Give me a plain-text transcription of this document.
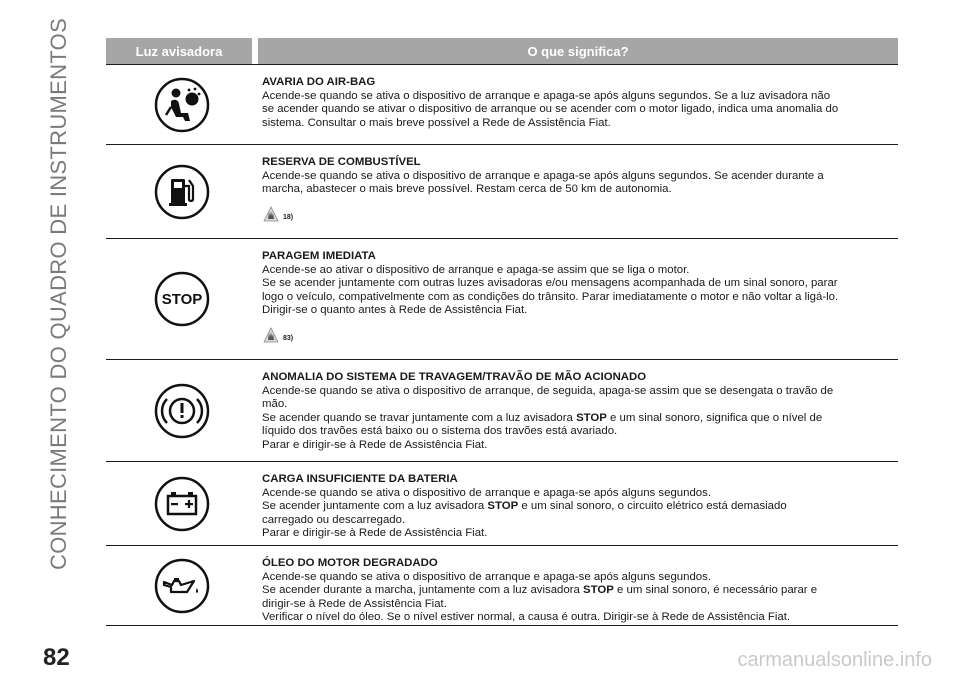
CONHECIMENTO DO QUADRO DE INSTRUMENTOS
82	carmanualsonline.info
Luz avisadora	O que significa?
AVARIA DO AIR-BAG
Acende-se quando se ativa o dispositivo de arranque e apaga-se após alguns segundos. Se a luz avisadora não
se acender quando se ativar o dispositivo de arranque ou se acender com o motor ligado, indica uma anomalia do
sistema. Consultar o mais breve possível a Rede de Assistência Fiat.
RESERVA DE COMBUSTÍVEL
Acende-se quando se ativa o dispositivo de arranque e apaga-se após alguns segundos. Se acender durante a
marcha, abastecer o mais breve possível. Restam cerca de 50 km de autonomia.
18)
STOP
PARAGEM IMEDIATA
Acende-se ao ativar o dispositivo de arranque e apaga-se assim que se liga o motor.
Se se acender juntamente com outras luzes avisadoras e/ou mensagens acompanhada de um sinal sonoro, parar
logo o veículo, compativelmente com as condições do trânsito. Parar imediatamente o motor e não voltar a ligá-lo.
Dirigir-se o quanto antes à Rede de Assistência Fiat.
83)
ANOMALIA DO SISTEMA DE TRAVAGEM/TRAVÃO DE MÃO ACIONADO
Acende-se quando se ativa o dispositivo de arranque, de seguida, apaga-se assim que se desengata o travão de
mão.
Se acender quando se travar juntamente com a luz avisadora STOP e um sinal sonoro, significa que o nível de
líquido dos travões está baixo ou o sistema dos travões está avariado.
Parar e dirigir-se à Rede de Assistência Fiat.
CARGA INSUFICIENTE DA BATERIA
Acende-se quando se ativa o dispositivo de arranque e apaga-se após alguns segundos.
Se acender juntamente com a luz avisadora STOP e um sinal sonoro, o circuito elétrico está demasiado
carregado ou descarregado.
Parar e dirigir-se à Rede de Assistência Fiat.
ÓLEO DO MOTOR DEGRADADO
Acende-se quando se ativa o dispositivo de arranque e apaga-se após alguns segundos.
Se acender durante a marcha, juntamente com a luz avisadora STOP e um sinal sonoro, é necessário parar e
dirigir-se à Rede de Assistência Fiat.
Verificar o nível do óleo. Se o nível estiver normal, a causa é outra. Dirigir-se à Rede de Assistência Fiat.
